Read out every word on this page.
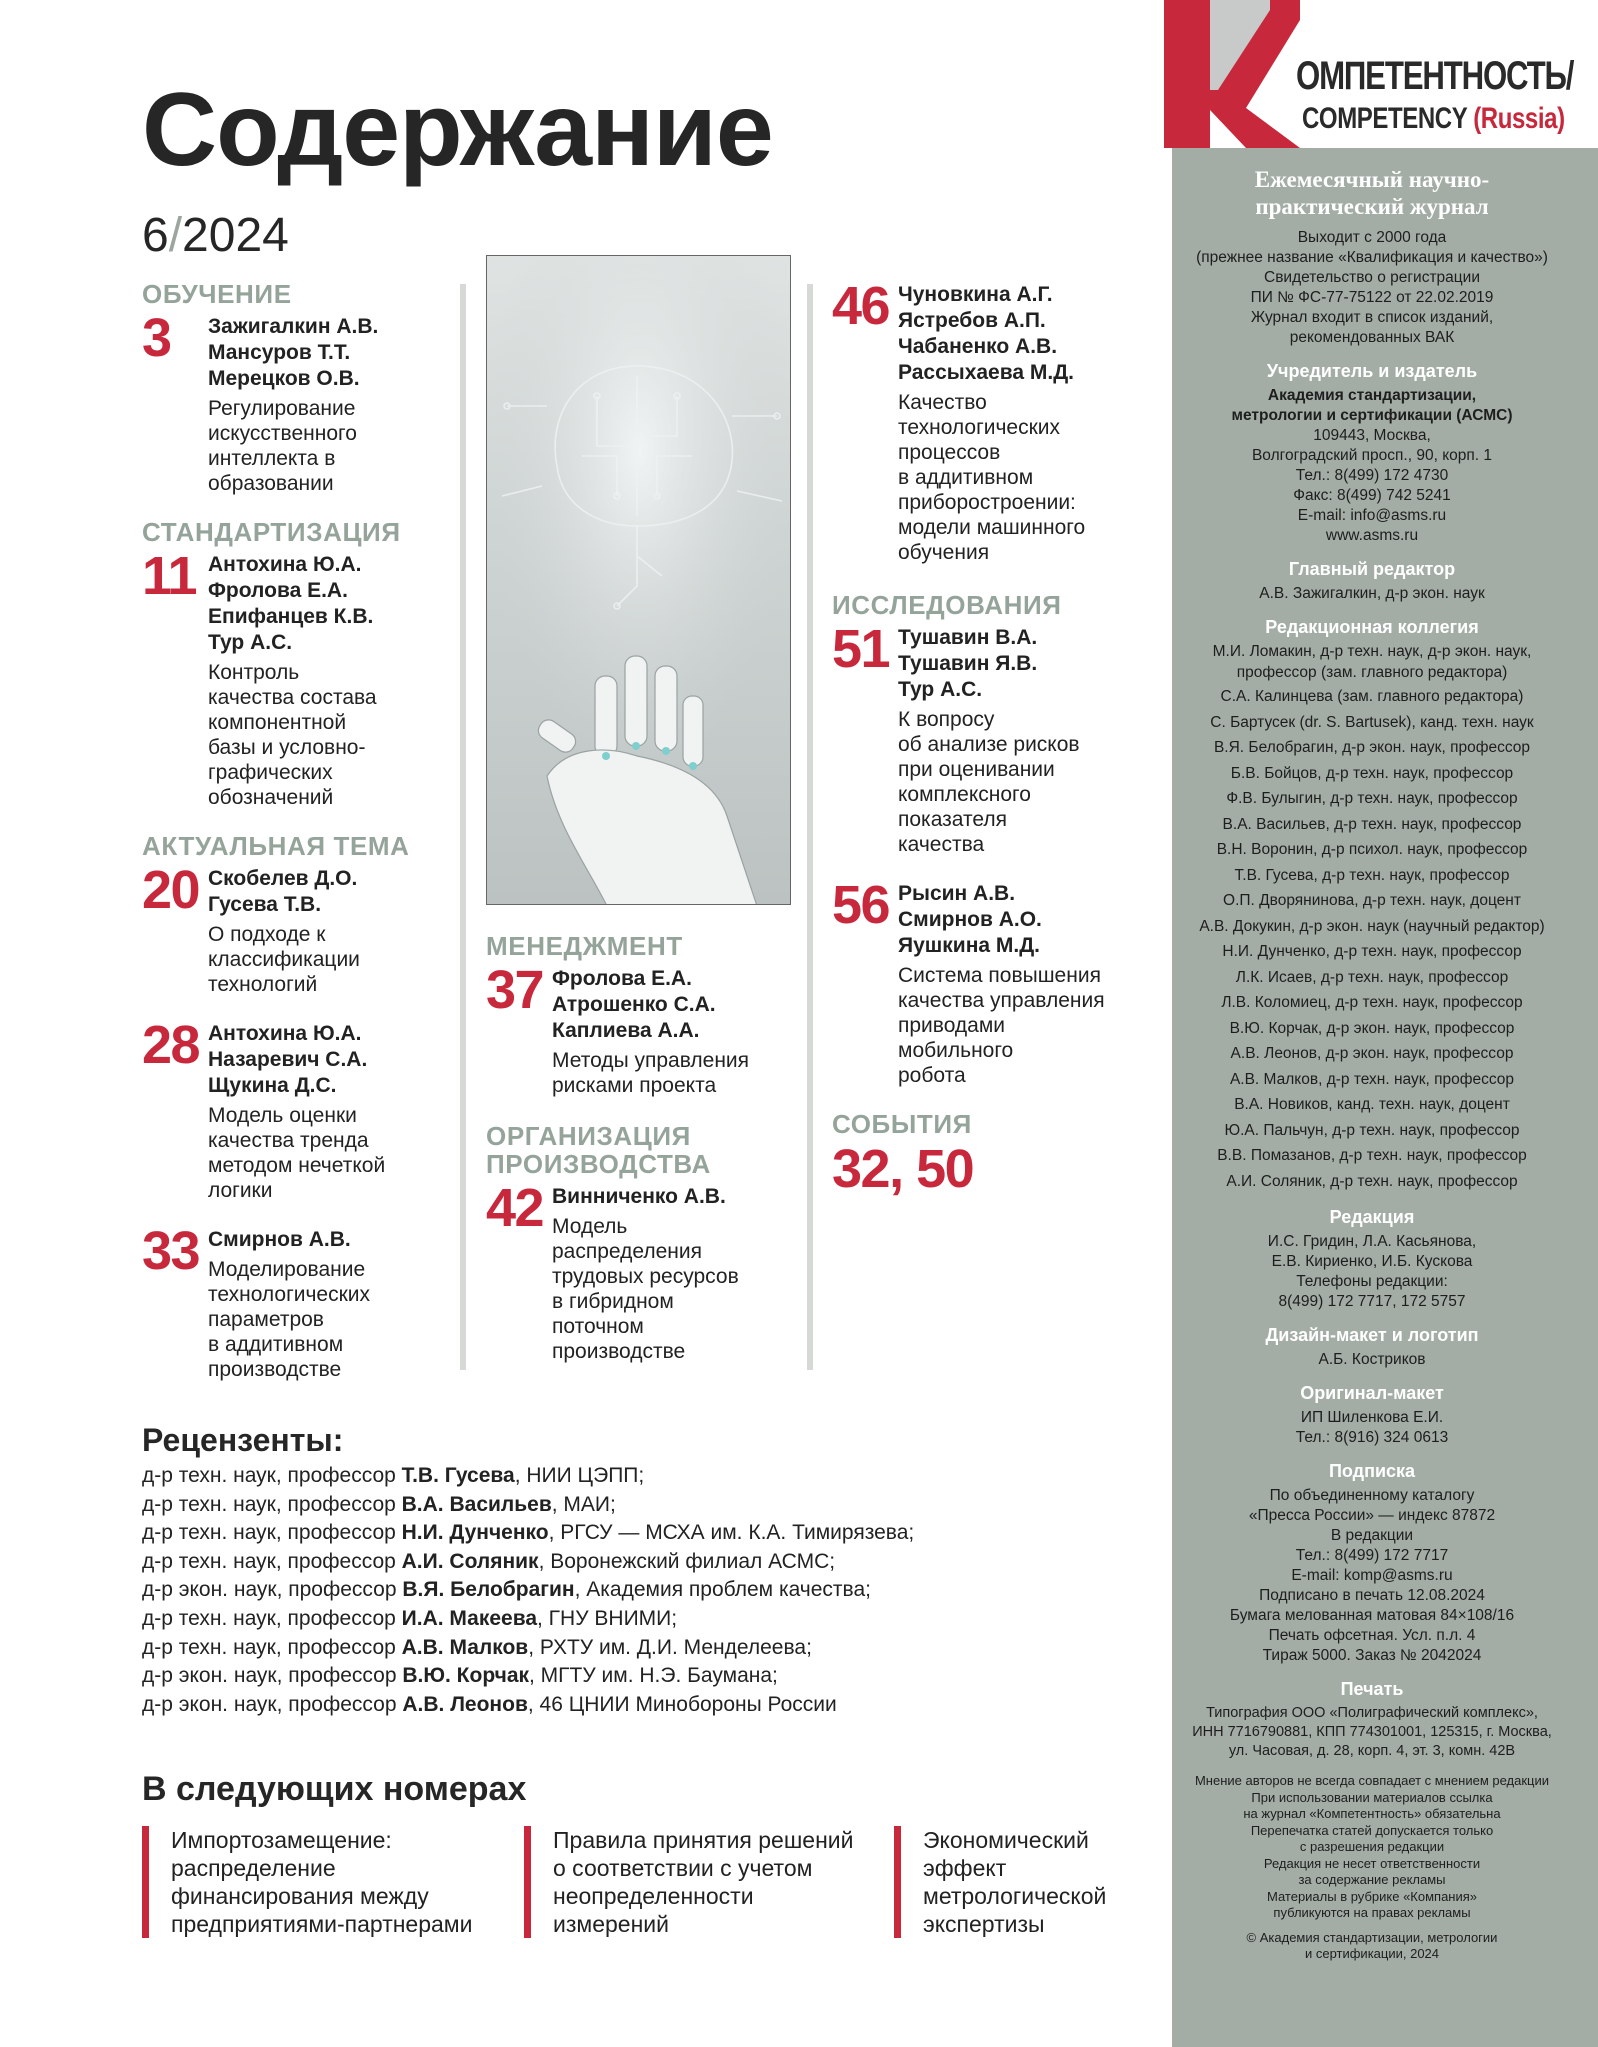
ОМПЕТЕНТНОСТЬ/
COMPETENCY (Russia)
Содержание
6/2024
ОБУЧЕНИЕ
3	Зажигалкин А.В.
Мансуров Т.Т.
Мерецков О.В.
Регулирование
искусственного
интеллекта в
образовании
СТАНДАРТИЗАЦИЯ
11 Антохина Ю.А.
Фролова Е.А.
Епифанцев К.В.
Тур А.С.
Контроль
качества состава
компонентной
базы и условно-
графических
обозначений
АКТУАЛЬНАЯ ТЕМА
20 Скобелев Д.О.
Гусева Т.В.
О подходе к
классификации
технологий
28 Антохина Ю.А.
Назаревич С.А.
Щукина Д.С.
Модель оценки
качества тренда
методом нечеткой
логики
33 Смирнов А.В.
Моделирование
технологических
параметров
в аддитивном
производстве
МЕНЕДЖМЕНТ
37 Фролова Е.А.
Атрошенко С.А.
Каплиева А.А.
Методы управления
рисками проекта
ОРГАНИЗАЦИЯ
ПРОИЗВОДСТВА
42 Винниченко А.В.
Модель
распределения
трудовых ресурсов
в гибридном
поточном
производстве
46 Чуновкина А.Г.
Ястребов А.П.
Чабаненко А.В.
Рассыхаева М.Д.
Качество
технологических
процессов
в аддитивном
приборостроении:
модели машинного
обучения
ИССЛЕДОВАНИЯ
51 Тушавин В.А.
Тушавин Я.В.
Тур А.С.
К вопросу
об анализе рисков
при оценивании
комплексного
показателя
качества
56 Рысин А.В.
Смирнов А.О.
Яушкина М.Д.
Система повышения
качества управления
приводами
мобильного
робота
СОБЫТИЯ
32, 50
Рецензенты:
д-р техн. наук, профессор Т.В. Гусева, НИИ ЦЭПП;
д-р техн. наук, профессор В.А. Васильев, МАИ;
д-р техн. наук, профессор Н.И. Дунченко, РГСУ — МСХА им. К.А. Тимирязева;
д-р техн. наук, профессор А.И. Соляник, Воронежский филиал АСМС;
д-р экон. наук, профессор В.Я. Белобрагин, Академия проблем качества;
д-р техн. наук, профессор И.А. Макеева, ГНУ ВНИМИ;
д-р техн. наук, профессор А.В. Малков, РХТУ им. Д.И. Менделеева;
д-р экон. наук, профессор В.Ю. Корчак, МГТУ им. Н.Э. Баумана;
д-р экон. наук, профессор А.В. Леонов, 46 ЦНИИ Минобороны России
В следующих номерах
Импортозамещение:
распределение
финансирования между
предприятиями-партнерами
Правила принятия решений
о соответствии с учетом
неопределенности
измерений
Экономический
эффект
метрологической
экспертизы
Ежемесячный научно-
практический журнал
Выходит с 2000 года
(прежнее название «Квалификация и качество»)
Свидетельство о регистрации
ПИ № ФС-77-75122 от 22.02.2019
Журнал входит в список изданий,
рекомендованных ВАК
Учредитель и издатель
Академия стандартизации,
метрологии и сертификации (АСМС)
109443, Москва,
Волгоградский просп., 90, корп. 1
Тел.: 8(499) 172 4730
Факс: 8(499) 742 5241
E-mail: info@asms.ru
www.asms.ru
Главный редактор
А.В. Зажигалкин, д-р экон. наук
Редакционная коллегия
М.И. Ломакин, д-р техн. наук, д-р экон. наук,
профессор (зам. главного редактора)
С.А. Калинцева (зам. главного редактора)
С. Бартусек (dr. S. Bartusek), канд. техн. наук
В.Я. Белобрагин, д-р экон. наук, профессор
Б.В. Бойцов, д-р техн. наук, профессор
Ф.В. Булыгин, д-р техн. наук, профессор
В.А. Васильев, д-р техн. наук, профессор
В.Н. Воронин, д-р психол. наук, профессор
Т.В. Гусева, д-р техн. наук, профессор
О.П. Дворянинова, д-р техн. наук, доцент
А.В. Докукин, д-р экон. наук (научный редактор)
Н.И. Дунченко, д-р техн. наук, профессор
Л.К. Исаев, д-р техн. наук, профессор
Л.В. Коломиец, д-р техн. наук, профессор
В.Ю. Корчак, д-р экон. наук, профессор
А.В. Леонов, д-р экон. наук, профессор
А.В. Малков, д-р техн. наук, профессор
В.А. Новиков, канд. техн. наук, доцент
Ю.А. Пальчун, д-р техн. наук, профессор
В.В. Помазанов, д-р техн. наук, профессор
А.И. Соляник, д-р техн. наук, профессор
Редакция
И.С. Гридин, Л.А. Касьянова,
Е.В. Кириенко, И.Б. Кускова
Телефоны редакции:
8(499) 172 7717, 172 5757
Дизайн-макет и логотип
А.Б. Костриков
Оригинал-макет
ИП Шиленкова Е.И.
Тел.: 8(916) 324 0613
Подписка
По объединенному каталогу
«Пресса России» — индекс 87872
В редакции
Тел.: 8(499) 172 7717
E-mail: komp@asms.ru
Подписано в печать 12.08.2024
Бумага мелованная матовая 84×108/16
Печать офсетная. Усл. п.л. 4
Тираж 5000. Заказ № 2042024
Печать
Типография ООО «Полиграфический комплекс»,
ИНН 7716790881, КПП 774301001, 125315, г. Москва,
ул. Часовая, д. 28, корп. 4, эт. 3, комн. 42В
Мнение авторов не всегда совпадает с мнением редакции
При использовании материалов ссылка
на журнал «Компетентность» обязательна
Перепечатка статей допускается только
с разрешения редакции
Редакция не несет ответственности
за содержание рекламы
Материалы в рубрике «Компания»
публикуются на правах рекламы
© Академия стандартизации, метрологии
и сертификации, 2024
